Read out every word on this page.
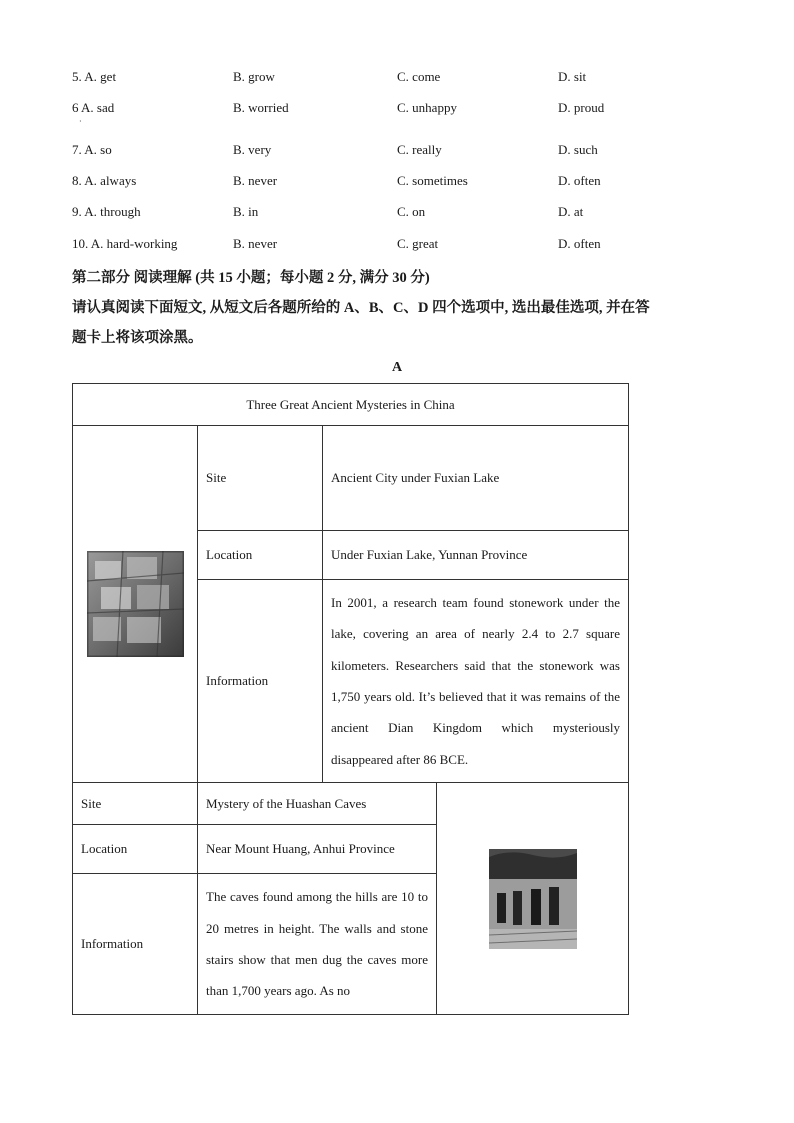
5. A. get	B. grow	C. come	D. sit
6 A. sad	B. worried	C. unhappy	D. proud
·
7. A. so	B. very	C. really	D. such
8. A. always	B. never	C. sometimes	D. often
9. A. through	B. in	C. on	D. at
10. A. hard-working	B. never	C. great	D. often
第二部分 阅读理解 (共 15 小题；每小题 2 分, 满分 30 分)
请认真阅读下面短文, 从短文后各题所给的 A、B、C、D 四个选项中, 选出最佳选项, 并在答
题卡上将该项涂黑。
A
Three Great Ancient Mysteries in China			

	Site	Ancient City under Fuxian Lake	
	Location	Under Fuxian Lake, Yunnan Province	
	Information	In 2001, a research team found stonework under the lake, covering an area of nearly 2.4 to 2.7 square kilometers. Researchers said that the stonework was 1,750 years old. It’s believed that it was remains of the ancient Dian Kingdom which mysteriously disappeared after 86 BCE.	
Site	Mystery of the Huashan Caves	

Location	Near Mount Huang, Anhui Province		
Information	The caves found among the hills are 10 to 20 metres in height. The walls and stone stairs show that men dug the caves more than 1,700 years ago. As no		
